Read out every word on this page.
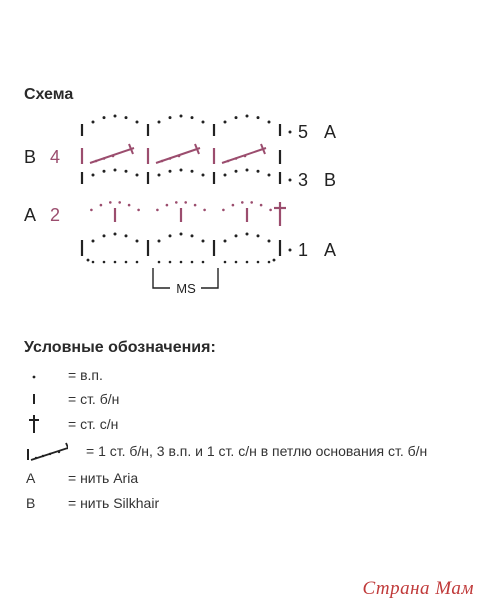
Схема
5 A
B 4
3 B
A 2
1 A
MS
Условные обозначения:
= в.п.
= ст. б/н
= ст. с/н
= 1 ст. б/н, 3 в.п. и 1 ст. с/н в петлю основания ст. б/н
A	= нить Aria
B	= нить Silkhair
Страна Мам
